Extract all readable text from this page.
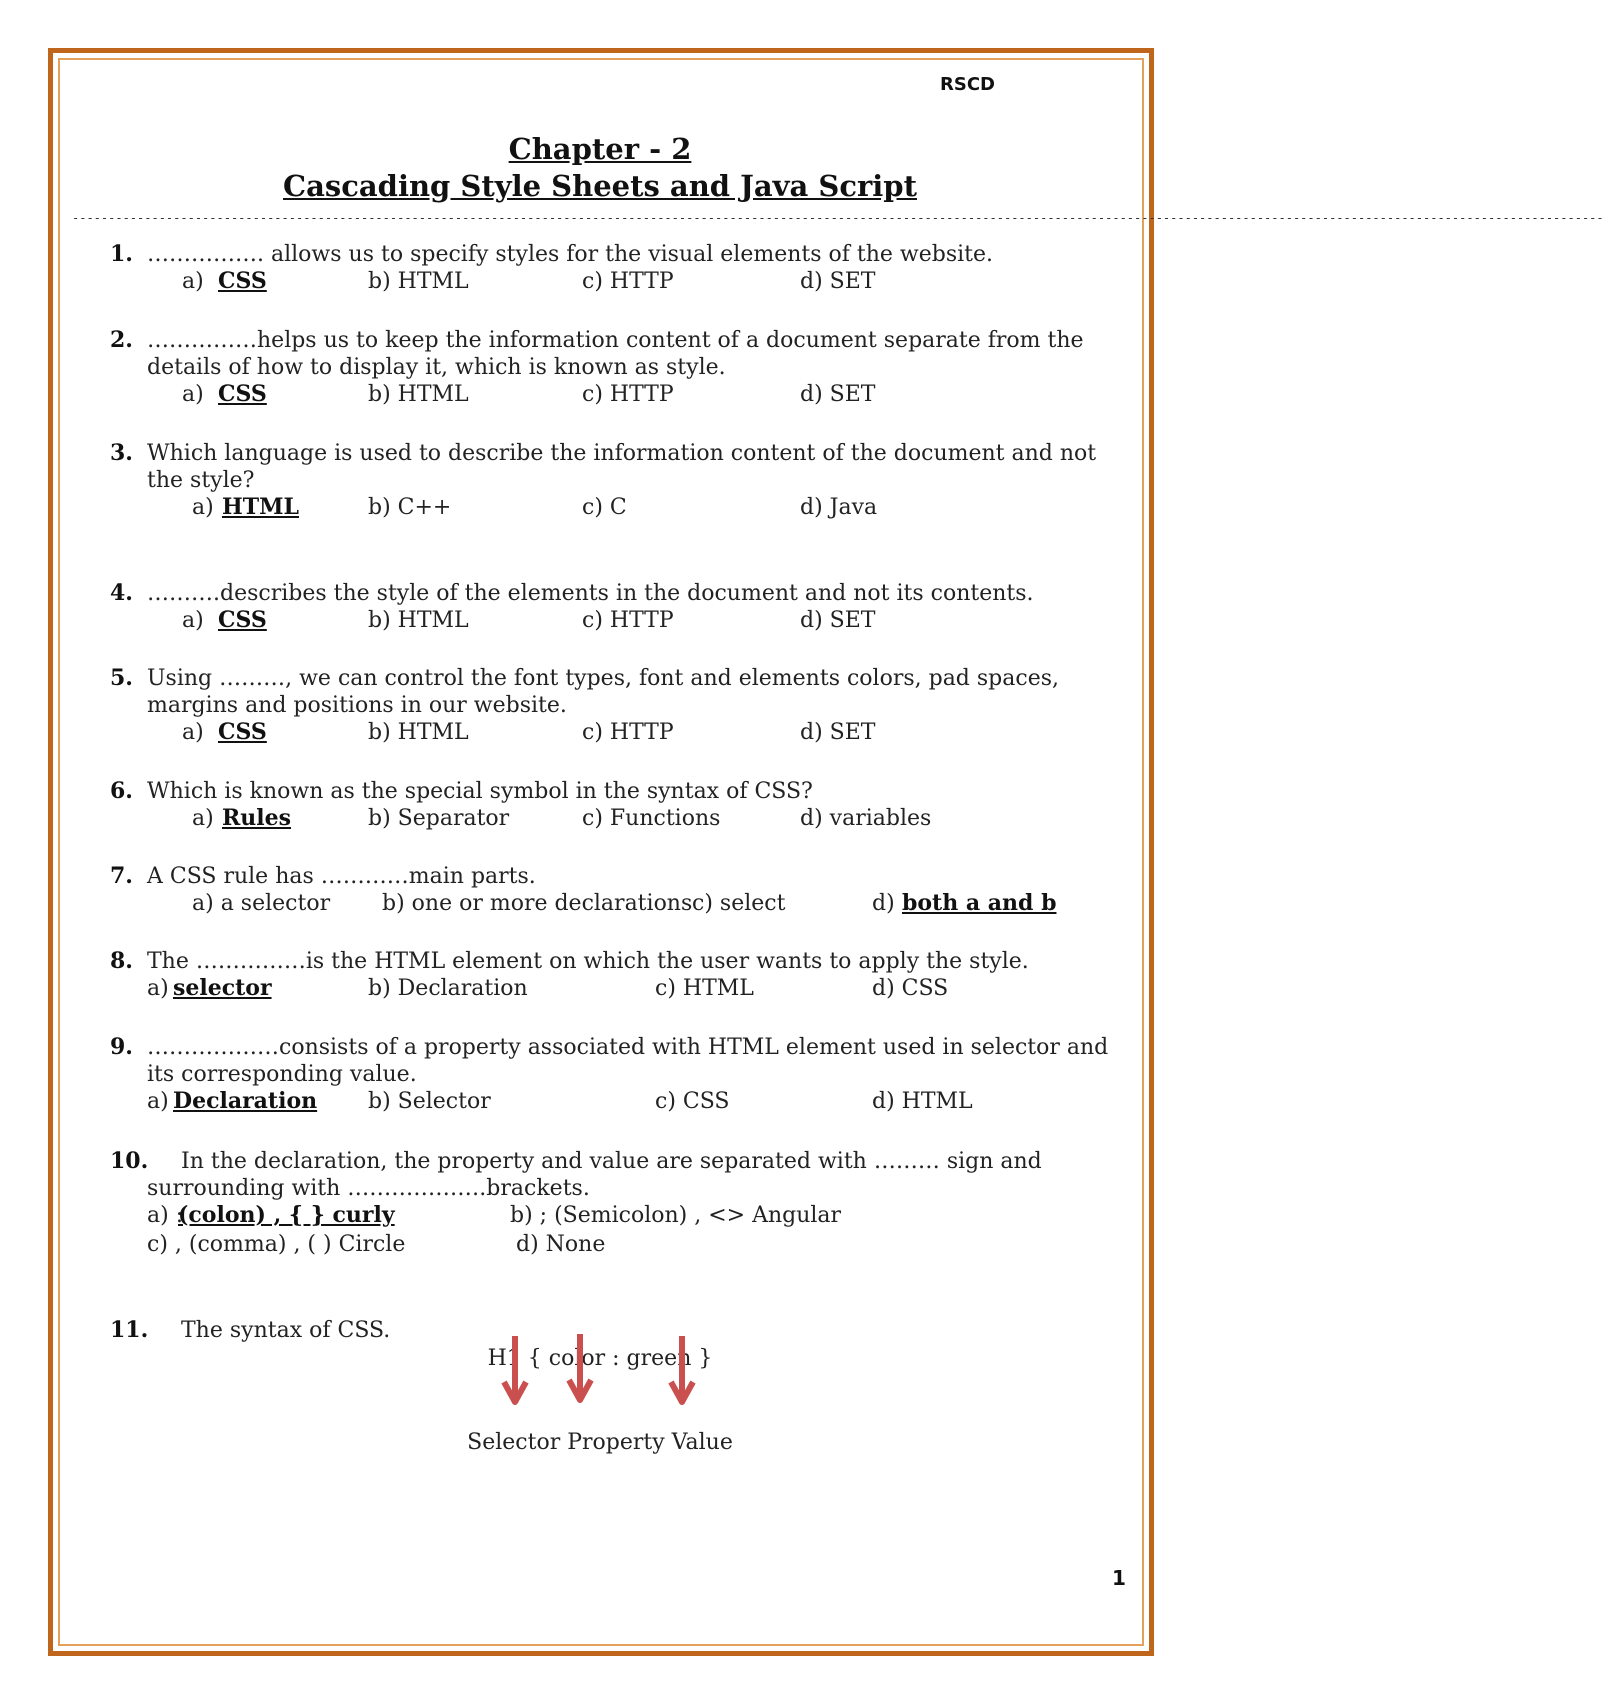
RSCD
Chapter - 2
Cascading Style Sheets and Java Script
--------------------------------------------------------------------------------------------------------------------------------------------------------------------------------------------------------------------
1. ……………. allows us to specify styles for the visual elements of the website.
a) CSS	b) HTML	c) HTTP	d) SET
2. ……………helps us to keep the information content of a document separate from the details of how to display it, which is known as style.
a) CSS	b) HTML	c) HTTP	d) SET
3. Which language is used to describe the information content of the document and not the style?
a) HTML	b) C++	c) C	d) Java
4. ……….describes the style of the elements in the document and not its contents.
a) CSS	b) HTML	c) HTTP	d) SET
5. Using ………, we can control the font types, font and elements colors, pad spaces, margins and positions in our website.
a) CSS	b) HTML	c) HTTP	d) SET
6. Which is known as the special symbol in the syntax of CSS?
a) Rules	b) Separator	c) Functions	d) variables
7. A CSS rule has …………main parts.
a) a selector b) one or more declarations c) select	d) both a and b
8. The ……………is the HTML element on which the user wants to apply the style.
a) selector	b) Declaration	c) HTML	d) CSS
9. ………………consists of a property associated with HTML element used in selector and its corresponding value.
a) Declaration b) Selector	c) CSS	d) HTML
10.	In the declaration, the property and value are separated with ……… sign and surrounding with ……………….brackets.
a) :
(colon) , { } curly	b) ; (Semicolon) , <> Angular
c) , (comma) , ( ) Circle	d) None
11.	The syntax of CSS.
H1 { color : green }
Selector Property Value
1
